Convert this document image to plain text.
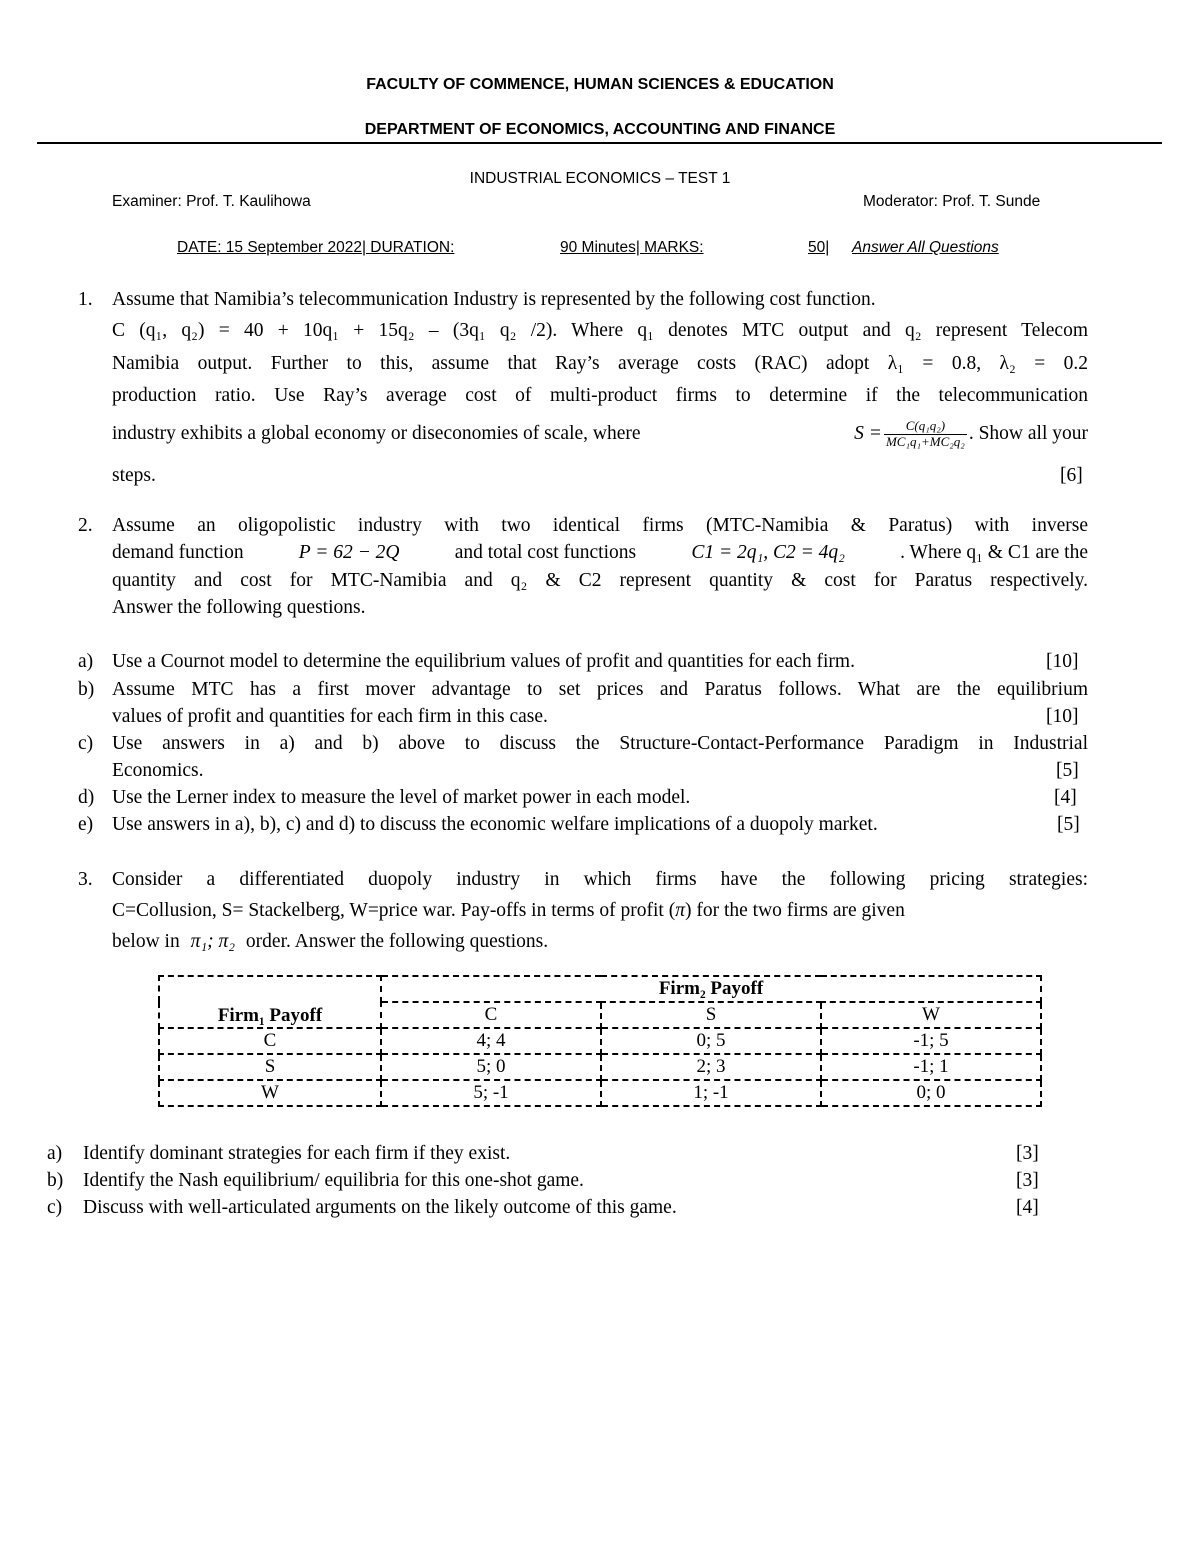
FACULTY OF COMMENCE, HUMAN SCIENCES & EDUCATION
DEPARTMENT OF ECONOMICS, ACCOUNTING AND FINANCE
INDUSTRIAL ECONOMICS – TEST 1
Examiner: Prof. T. Kaulihowa	Moderator: Prof. T. Sunde
DATE: 15 September 2022| DURATION:	90 Minutes| MARKS:	50| Answer All Questions
1. Assume that Namibia’s telecommunication Industry is represented by the following cost function.
C (q₁, q₂) = 40 + 10q₁ + 15q₂ – (3q₁ q₂ /2). Where q₁ denotes MTC output and q₂ represent Telecom
Namibia output. Further to this, assume that Ray’s average costs (RAC) adopt λ₁ = 0.8, λ₂ = 0.2
production ratio. Use Ray’s average cost of multi-product firms to determine if the telecommunication
industry exhibits a global economy or diseconomies of scale, where	$S = \frac{\text{C(q₁q₂)}}{\text{MC₁q₁+MC₂q₂}}$ . Show all your
steps.	[6]
2. Assume an oligopolistic industry with two identical firms (MTC-Namibia & Paratus) with inverse
demand function	P = 62 − 2Q	and total cost functions	C1 = 2q₁, C2 = 4q₂	. Where q₁ & C1 are the
quantity and cost for MTC-Namibia and q₂ & C2 represent quantity & cost for Paratus respectively.
Answer the following questions.
a) Use a Cournot model to determine the equilibrium values of profit and quantities for each firm.	[10]
b) Assume MTC has a first mover advantage to set prices and Paratus follows. What are the equilibrium
values of profit and quantities for each firm in this case.	[10]
c) Use answers in a) and b) above to discuss the Structure-Contact-Performance Paradigm in Industrial
Economics.	[5]
d) Use the Lerner index to measure the level of market power in each model.	[4]
e) Use answers in a), b), c) and d) to discuss the economic welfare implications of a duopoly market.	[5]
3. Consider a differentiated duopoly industry in which firms have the following pricing strategies:
C=Collusion, S= Stackelberg, W=price war. Pay-offs in terms of profit (π) for the two firms are given
below in π₁; π₂ order. Answer the following questions.
Firm₁ Payoff	Firm₂ Payoff		
	C	S	W
C	4; 4	0; 5	-1; 5
S	5; 0	2; 3	-1; 1
W	5; -1	1; -1	0; 0
a) Identify dominant strategies for each firm if they exist.	[3]
b) Identify the Nash equilibrium/ equilibria for this one-shot game.	[3]
c) Discuss with well-articulated arguments on the likely outcome of this game.	[4]
